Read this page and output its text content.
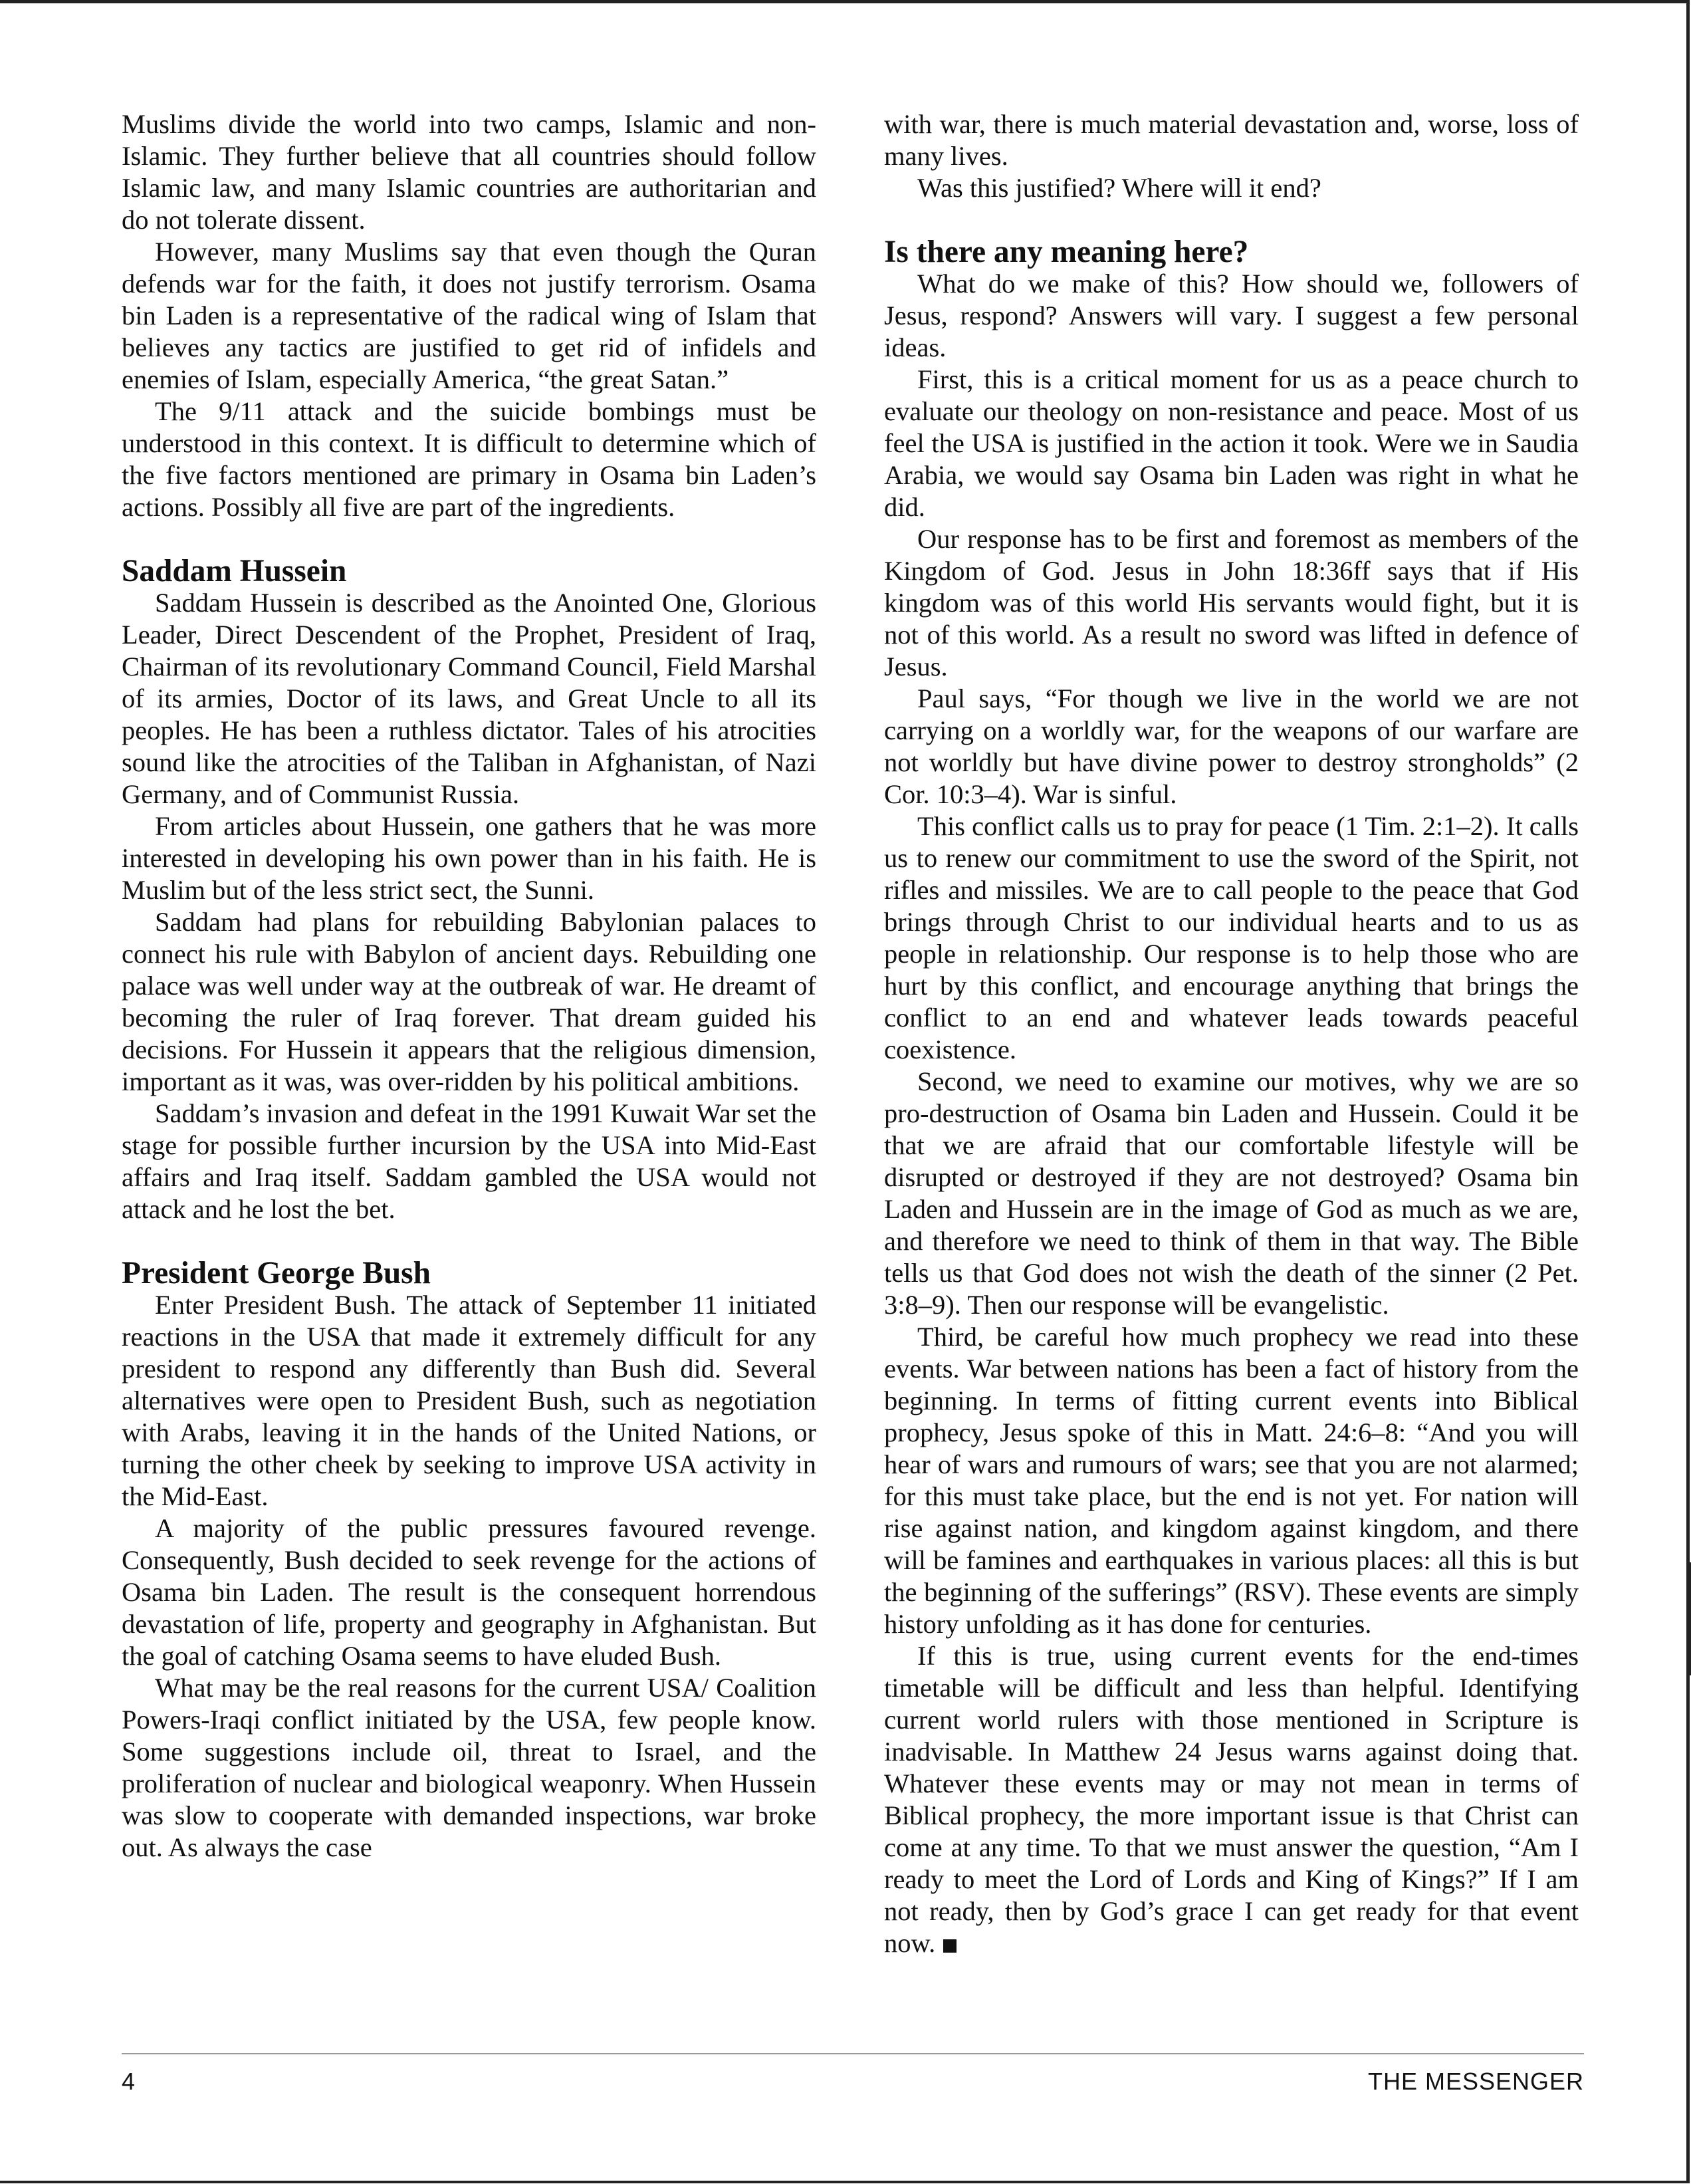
Muslims divide the world into two camps, Islamic and non-Islamic. They further believe that all countries should follow Islamic law, and many Islamic countries are authoritarian and do not tolerate dissent.

However, many Muslims say that even though the Quran defends war for the faith, it does not justify terrorism. Osama bin Laden is a representative of the radical wing of Islam that believes any tactics are justified to get rid of infidels and enemies of Islam, especially America, “the great Satan.”

The 9/11 attack and the suicide bombings must be understood in this context. It is difficult to determine which of the five factors mentioned are primary in Osama bin Laden’s actions. Possibly all five are part of the ingredients.

Saddam Hussein

Saddam Hussein is described as the Anointed One, Glorious Leader, Direct Descendent of the Prophet, President of Iraq, Chairman of its revolutionary Command Council, Field Marshal of its armies, Doctor of its laws, and Great Uncle to all its peoples. He has been a ruthless dictator. Tales of his atrocities sound like the atrocities of the Taliban in Afghanistan, of Nazi Germany, and of Communist Russia.

From articles about Hussein, one gathers that he was more interested in developing his own power than in his faith. He is Muslim but of the less strict sect, the Sunni.

Saddam had plans for rebuilding Babylonian palaces to connect his rule with Babylon of ancient days. Rebuilding one palace was well under way at the outbreak of war. He dreamt of becoming the ruler of Iraq forever. That dream guided his decisions. For Hussein it appears that the religious dimension, important as it was, was over-ridden by his political ambitions.

Saddam’s invasion and defeat in the 1991 Kuwait War set the stage for possible further incursion by the USA into Mid-East affairs and Iraq itself. Saddam gambled the USA would not attack and he lost the bet.

President George Bush

Enter President Bush. The attack of September 11 initiated reactions in the USA that made it extremely difficult for any president to respond any differently than Bush did. Several alternatives were open to President Bush, such as negotiation with Arabs, leaving it in the hands of the United Nations, or turning the other cheek by seeking to improve USA activity in the Mid-East.

A majority of the public pressures favoured revenge. Consequently, Bush decided to seek revenge for the actions of Osama bin Laden. The result is the consequent horrendous devastation of life, property and geography in Afghanistan. But the goal of catching Osama seems to have eluded Bush.

What may be the real reasons for the current USA/ Coalition Powers-Iraqi conflict initiated by the USA, few people know. Some suggestions include oil, threat to Israel, and the proliferation of nuclear and biological weaponry. When Hussein was slow to cooperate with demanded inspections, war broke out. As always the case

with war, there is much material devastation and, worse, loss of many lives.

Was this justified? Where will it end?

Is there any meaning here?

What do we make of this? How should we, followers of Jesus, respond? Answers will vary. I suggest a few personal ideas.

First, this is a critical moment for us as a peace church to evaluate our theology on non-resistance and peace. Most of us feel the USA is justified in the action it took. Were we in Saudia Arabia, we would say Osama bin Laden was right in what he did.

Our response has to be first and foremost as members of the Kingdom of God. Jesus in John 18:36ff says that if His kingdom was of this world His servants would fight, but it is not of this world. As a result no sword was lifted in defence of Jesus.

Paul says, “For though we live in the world we are not carrying on a worldly war, for the weapons of our warfare are not worldly but have divine power to destroy strongholds” (2 Cor. 10:3–4). War is sinful.

This conflict calls us to pray for peace (1 Tim. 2:1–2). It calls us to renew our commitment to use the sword of the Spirit, not rifles and missiles. We are to call people to the peace that God brings through Christ to our individual hearts and to us as people in relationship. Our response is to help those who are hurt by this conflict, and encourage anything that brings the conflict to an end and whatever leads towards peaceful coexistence.

Second, we need to examine our motives, why we are so pro-destruction of Osama bin Laden and Hussein. Could it be that we are afraid that our comfortable lifestyle will be disrupted or destroyed if they are not destroyed? Osama bin Laden and Hussein are in the image of God as much as we are, and therefore we need to think of them in that way. The Bible tells us that God does not wish the death of the sinner (2 Pet. 3:8–9). Then our response will be evangelistic.

Third, be careful how much prophecy we read into these events. War between nations has been a fact of history from the beginning. In terms of fitting current events into Biblical prophecy, Jesus spoke of this in Matt. 24:6–8: “And you will hear of wars and rumours of wars; see that you are not alarmed; for this must take place, but the end is not yet. For nation will rise against nation, and kingdom against kingdom, and there will be famines and earthquakes in various places: all this is but the beginning of the sufferings” (RSV). These events are simply history unfolding as it has done for centuries.

If this is true, using current events for the end-times timetable will be difficult and less than helpful. Identifying current world rulers with those mentioned in Scripture is inadvisable. In Matthew 24 Jesus warns against doing that. Whatever these events may or may not mean in terms of Biblical prophecy, the more important issue is that Christ can come at any time. To that we must answer the question, “Am I ready to meet the Lord of Lords and King of Kings?” If I am not ready, then by God’s grace I can get ready for that event now.

4	THE MESSENGER
